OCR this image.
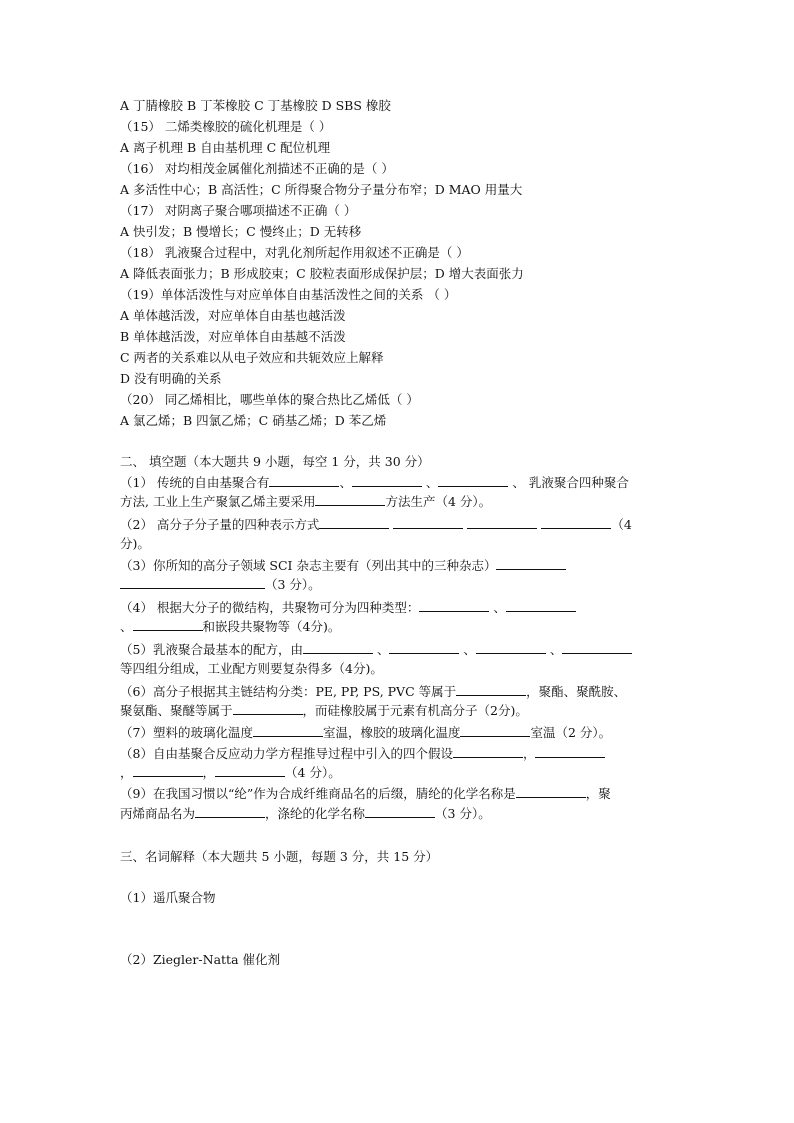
A 丁腈橡胶 B 丁苯橡胶 C 丁基橡胶 D SBS 橡胶
（15） 二烯类橡胶的硫化机理是（ ）
A 离子机理 B 自由基机理 C 配位机理
（16） 对均相茂金属催化剂描述不正确的是（ ）
A 多活性中心；B 高活性；C 所得聚合物分子量分布窄；D MAO 用量大
（17） 对阴离子聚合哪项描述不正确（ ）
A 快引发；B 慢增长；C 慢终止；D 无转移
（18） 乳液聚合过程中，对乳化剂所起作用叙述不正确是（ ）
A 降低表面张力；B 形成胶束；C 胶粒表面形成保护层；D 增大表面张力
（19）单体活泼性与对应单体自由基活泼性之间的关系 （ ）
A 单体越活泼，对应单体自由基也越活泼
B 单体越活泼，对应单体自由基越不活泼
C 两者的关系难以从电子效应和共轭效应上解释
D 没有明确的关系
（20） 同乙烯相比，哪些单体的聚合热比乙烯低（ ）
A 氯乙烯；B 四氯乙烯；C 硝基乙烯；D 苯乙烯
二、 填空题（本大题共 9 小题，每空 1 分，共 30 分）
（1） 传统的自由基聚合有	、	、	、 乳液聚合四种聚合
方法, 工业上生产聚氯乙烯主要采用	方法生产（4 分）。
（2） 高分子分子量的四种表示方式	（4
分)。
（3）你所知的高分子领域 SCI 杂志主要有（列出其中的三种杂志）
（3 分）。
（4） 根据大分子的微结构，共聚物可分为四种类型：	、
、	和嵌段共聚物等（4分)。
（5）乳液聚合最基本的配方，由	、	、	、
等四组分组成，工业配方则要复杂得多（4分)。
（6）高分子根据其主链结构分类：PE, PP, PS, PVC 等属于	，聚酯、聚酰胺、
聚氨酯、聚醚等属于	，而硅橡胶属于元素有机高分子（2分)。
（7）塑料的玻璃化温度	室温，橡胶的玻璃化温度	室温（2 分）。
（8）自由基聚合反应动力学方程推导过程中引入的四个假设	，
，	，	（4 分）。
（9）在我国习惯以“纶”作为合成纤维商品名的后缀，腈纶的化学名称是	，聚
丙烯商品名为	，涤纶的化学名称	（3 分）。
三、名词解释（本大题共 5 小题，每题 3 分，共 15 分）
（1）遥爪聚合物
（2）Ziegler-Natta 催化剂
